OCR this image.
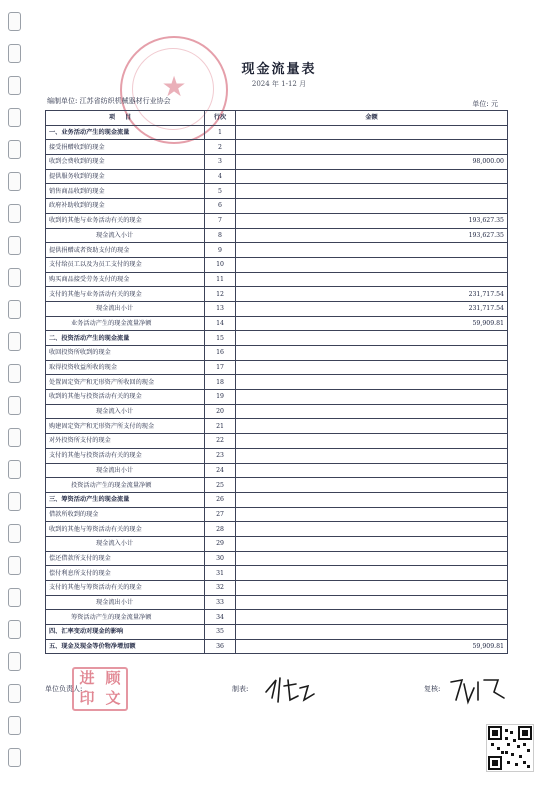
★
现金流量表
2024 年 1-12 月
编制单位: 江苏省纺织机械器材行业协会	单位: 元
项目	行次	金额
一、业务活动产生的现金流量	1	
接受捐赠收到的现金	2	
收到会费收到的现金	3	98,000.00
提供服务收到的现金	4	
销售商品收到的现金	5	
政府补助收到的现金	6	
收到的其他与业务活动有关的现金	7	193,627.35
现金流入小计	8	193,627.35
提供捐赠或者资助支付的现金	9	
支付给员工以及为员工支付的现金	10	
购买商品接受劳务支付的现金	11	
支付的其他与业务活动有关的现金	12	231,717.54
现金流出小计	13	231,717.54
业务活动产生的现金流量净额	14	59,909.81
二、投资活动产生的现金流量	15	
收回投资所收到的现金	16	
取得投资收益所收的现金	17	
处置固定资产和无形资产所收回的现金	18	
收到的其他与投资活动有关的现金	19	
现金流入小计	20	
购建固定资产和无形资产所支付的现金	21	
对外投资所支付的现金	22	
支付的其他与投资活动有关的现金	23	
现金流出小计	24	
投资活动产生的现金流量净额	25	
三、筹资活动产生的现金流量	26	
借款所收到的现金	27	
收到的其他与筹资活动有关的现金	28	
现金流入小计	29	
偿还借款所支付的现金	30	
偿付利息所支付的现金	31	
支付的其他与筹资活动有关的现金	32	
现金流出小计	33	
筹资活动产生的现金流量净额	34	
四、汇率变动对现金的影响	35	
五、现金及现金等价物净增加额	36	59,909.81
进 顾
印 文
单位负责人:	制表:	复核:
